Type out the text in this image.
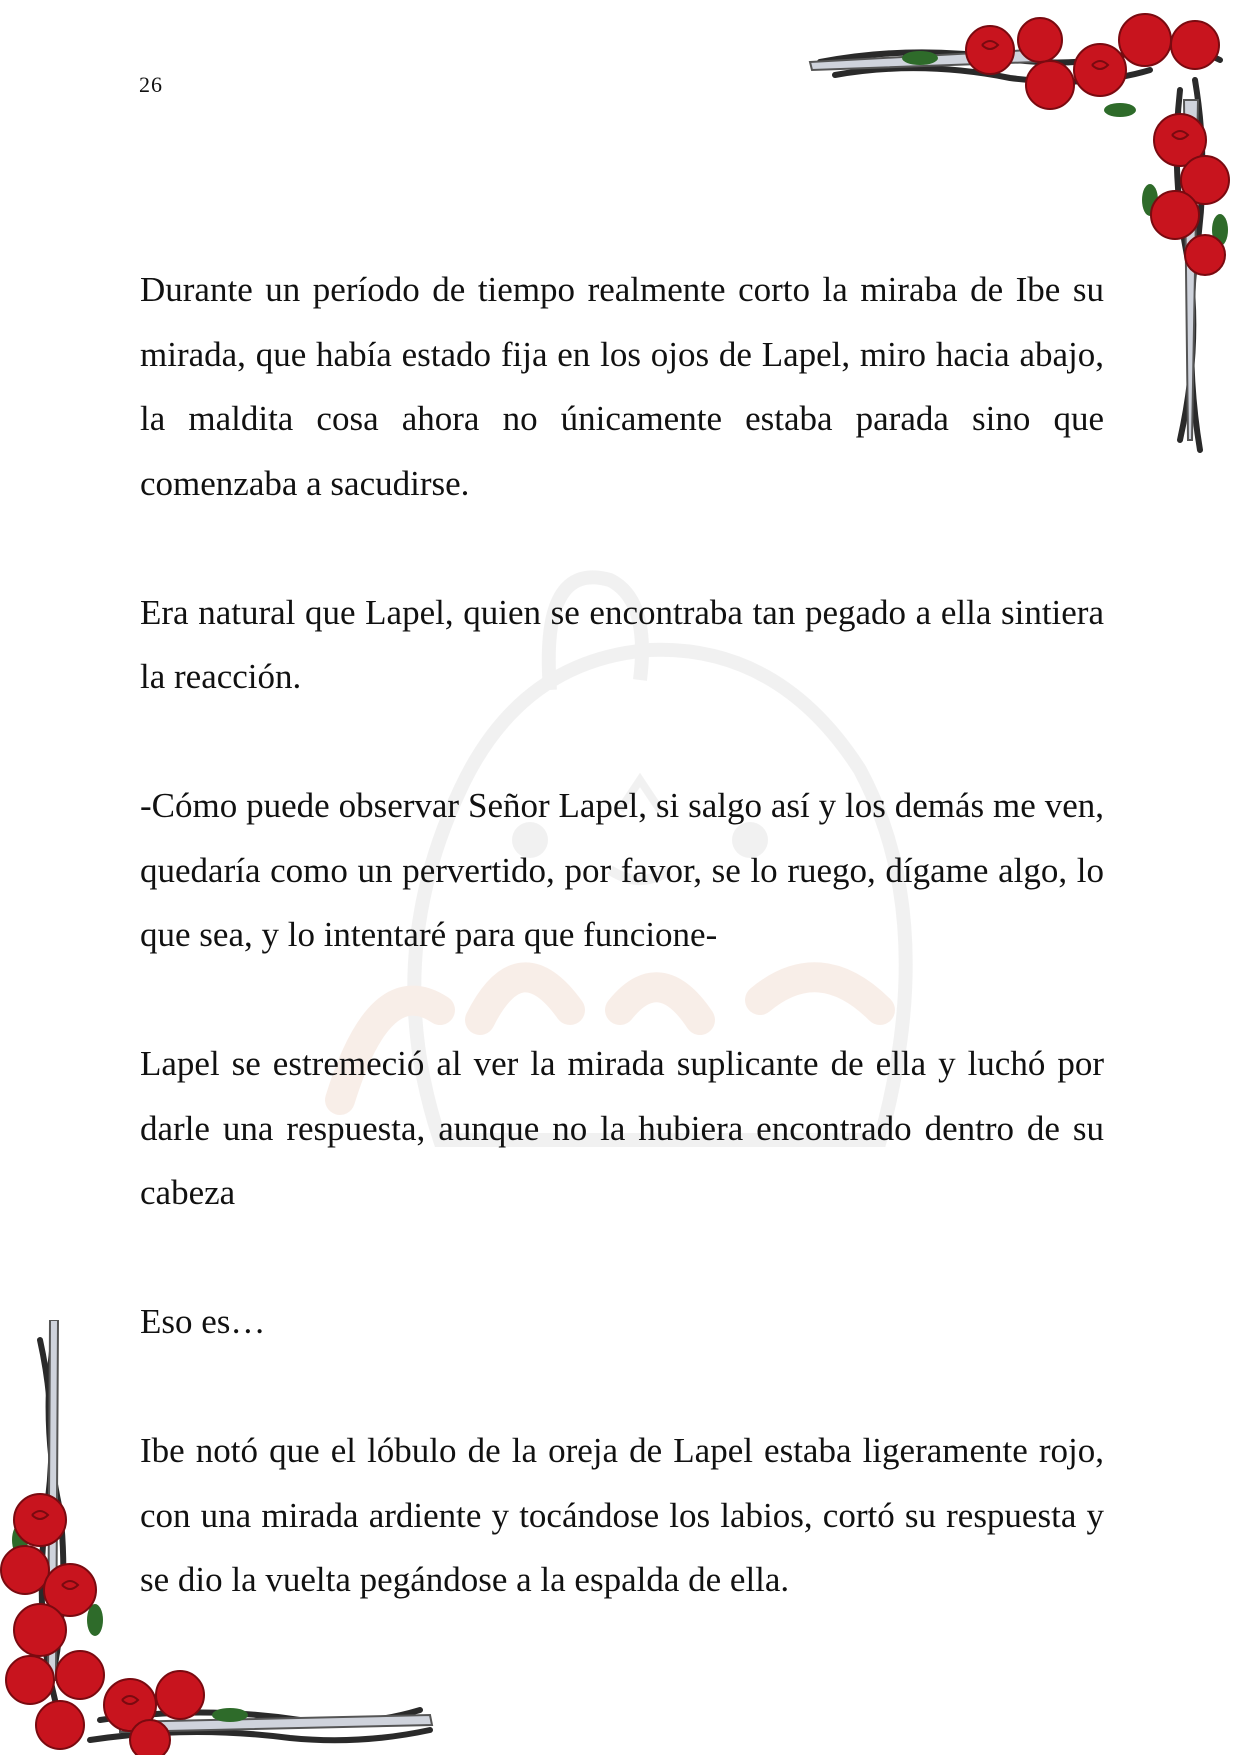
26

Durante un período de tiempo realmente corto la miraba de Ibe su mirada, que había estado fija en los ojos de Lapel, miro hacia abajo, la maldita cosa ahora no únicamente estaba parada sino que comenzaba a sacudirse.

Era natural que Lapel, quien se encontraba tan pegado a ella sintiera la reacción.

-Cómo puede observar Señor Lapel, si salgo así y los demás me ven, quedaría como un pervertido, por favor, se lo ruego, dígame algo, lo que sea, y lo intentaré para que funcione-

Lapel se estremeció al ver la mirada suplicante de ella y luchó por darle una respuesta, aunque no la hubiera encontrado dentro de su cabeza

Eso es…

Ibe notó que el lóbulo de la oreja de Lapel estaba ligeramente rojo, con una mirada ardiente y tocándose los labios, cortó su respuesta y se dio la vuelta pegándose a la espalda de ella.
